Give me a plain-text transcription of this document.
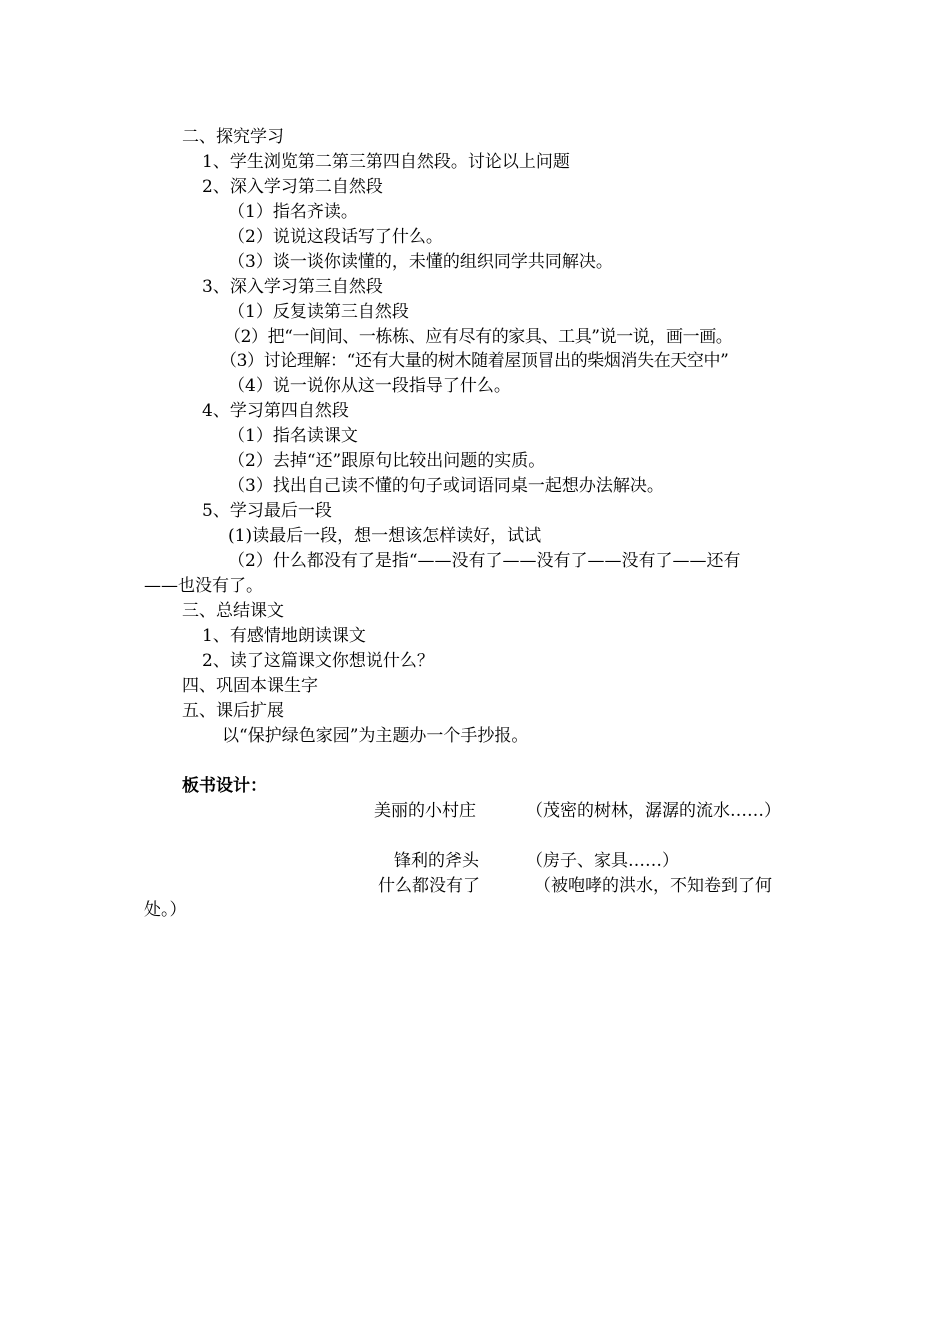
二、探究学习
1、学生浏览第二第三第四自然段。讨论以上问题
2、深入学习第二自然段
（1）指名齐读。
（2）说说这段话写了什么。
（3）谈一谈你读懂的，未懂的组织同学共同解决。
3、深入学习第三自然段
（1）反复读第三自然段
（2）把“一间间、一栋栋、应有尽有的家具、工具”说一说，画一画。
（3）讨论理解：“还有大量的树木随着屋顶冒出的柴烟消失在天空中”
（4）说一说你从这一段指导了什么。
4、学习第四自然段
（1）指名读课文
（2）去掉“还”跟原句比较出问题的实质。
（3）找出自己读不懂的句子或词语同桌一起想办法解决。
5、学习最后一段
(1)读最后一段，想一想该怎样读好，试试
（2）什么都没有了是指“——没有了——没有了——没有了——还有
——也没有了。
三、总结课文
1、有感情地朗读课文
2、读了这篇课文你想说什么？
四、巩固本课生字
五、课后扩展
以“保护绿色家园”为主题办一个手抄报。
板书设计：
美丽的小村庄	（茂密的树林，潺潺的流水……）
锋利的斧头	（房子、家具……）
什么都没有了	（被咆哮的洪水，不知卷到了何
处。）
